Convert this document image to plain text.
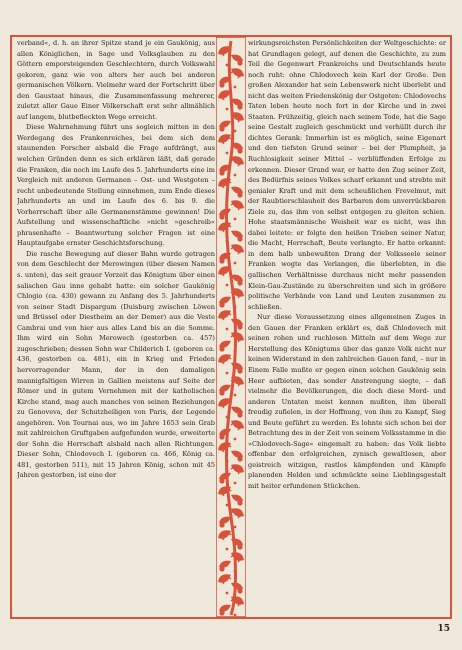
verband«, d. h. an ihrer Spitze stand je ein Gaukönig, aus allen Königlichen, in Sage und Volksglauben zu den Göttern emporsteigenden Geschlechtern, durch Volkswahl gekoren, ganz wie von alters her auch bei anderen germanischen Völkern. Vielmehr ward der Fortschritt über den Gaustaat hinaus, die Zusammenfassung mehrerer, zuletzt aller Gaue Einer Völkerschaft erst sehr allmählich auf langem, blutbefleckten Wege erreicht.

Diese Wahrnehmung führt uns sogleich mitten in den Werdegang des Frankenreiches, bei dem sich dem staunenden Forscher alsbald die Frage aufdrängt, aus welchen Gründen denn es sich erklären läßt, daß gerade die Franken, die noch im Laufe des 5. Jahrhunderts eine im Vergleich mit anderen Germanen – Ost- und Westgoten – recht unbedeutende Stellung einnehmen, zum Ende dieses Jahrhunderts an und im Laufe des 6. bis 9. die Vorherrschaft über alle Germanenstämme gewinnen! Die Aufstellung und wissenschaftliche »nicht »geschreib« phrasenhafte – Beantwortung solcher Fragen ist eine Hauptaufgabe ernster Geschichtsforschung.

Die rasche Bewegung auf dieser Bahn wurde getragen von dem Geschlecht der Merowingen (über diesen Namen s. unten), das seit grauer Vorzeit das Königtum über einen salischen Gau inne gehabt hatte: ein solcher Gaukönig Chlogio (ca. 430) gewann zu Anfang des 5. Jahrhunderts von seiner Stadt Dispargum (Duisburg zwischen Löwen und Brüssel oder Diestheim an der Demer) aus die Veste Cambrai und von hier aus alles Land bis an die Somme. Ihm wird ein Sohn Merowech (gestorben ca. 457) zugeschrieben; dessen Sohn war Childerich I. (geboren ca. 436, gestorben ca. 481), ein in Krieg und Frieden hervorragender Mann, der in den damaligen mannigfaltigen Wirren in Gallien meistens auf Seite der Römer und in gutem Vernehmen mit der katholischen Kirche stand, mag auch manches von seinen Beziehungen zu Genoveva, der Schutzheiligen von Paris, der Legende angehören. Von Tournai aus, wo im Jahre 1653 sein Grab mit zahlreichen Gruftgaben aufgefunden wurde, erweiterte der Sohn die Herrschaft alsbald nach allen Richtungen. Dieser Sohn, Chlodovech I. (geboren ca. 466, König ca. 481, gestorben 511), mit 15 Jahren König, schon mit 45 Jahren gestorben, ist eine der

wirkungsreichsten Persönlichkeiten der Weltgeschichte: er hat Grundlagen gelegt, auf denen die Geschichte, zu zum Teil die Gegenwart Frankreichs und Deutschlands heute noch ruht: ohne Chlodovech kein Karl der Große. Den großen Alexander hat sein Lebenswerk nicht überlebt und nicht das weiten Friedenskönig der Ostgoten: Chlodovechs Taten leben heute noch fort in der Kirche und in zwei Staaten. Frühzeitig, gleich nach seinem Tode, hat die Sage seine Gestalt zugleich geschmückt und verhüllt durch ihr dichtes Gerank: Immerhin ist es möglich, seine Eigenart und den tiefsten Grund seiner – bei der Plumpheit, ja Ruchlosigkeit seiner Mittel – verblüffenden Erfolge zu erkennen. Dieser Grund war, er hatte den Zug seiner Zeit, des Bedürfnis seines Volkes scharf erkannt und strebte mit genialer Kraft und mit dem scheußlichen Frevelmut, mit der Raubtierschlauheit des Barbaren dem unverrückbaren Ziele zu, das ihm von selbst entgegen zu gleiten schien. Hohe staatsmännische Weisheit war es nicht, was ihn dabei leitete: er folgte den heißen Trieben seiner Natur, die Macht, Herrschaft, Beute verlangte. Er hatte erkannt: in dem halb unbewußten Drang der Volksseele seiner Franken wogte das Verlangen, die überlebten, in die gallischen Verhältnisse durchaus nicht mehr passenden Klein-Gau-Zustände zu überschreiten und sich in größere politische Verbände von Land und Leuten zusammen zu schließen.

Nur diese Voraussetzung eines allgemeinen Zuges in den Gauen der Franken erklärt es, daß Chlodovech mit seinen rohen und ruchlosen Mitteln auf dem Wege zur Herstellung des Königtums über das ganze Volk nicht nur keinen Widerstand in den zahlreichen Gauen fand, – nur in Einem Falle mußte er gegen einen solchen Gaukönig sein Heer aufbieten, das sonder Anstrengung siegte, – daß vielmehr die Bevölkerungen, die doch diese Mord- und anderen Untaten meist kennen mußten, ihm überall freudig zufielen, in der Hoffnung, von ihm zu Kampf, Sieg und Beute geführt zu werden. Es lohnte sich schon bei der Betrachtung des in der Zeit von seinem Volksstamme in die »Chlodovech-Sage« eingemalt zu haben: das Volk liebte offenbar den erfolgreichen, zynisch gewaltlosen, aber geistreich witzigen, rastlos kämpfenden und Kämpfe planenden Helden und schmückte seine Lieblingsgestalt mit heiter erfundenen Stückchen.

15
